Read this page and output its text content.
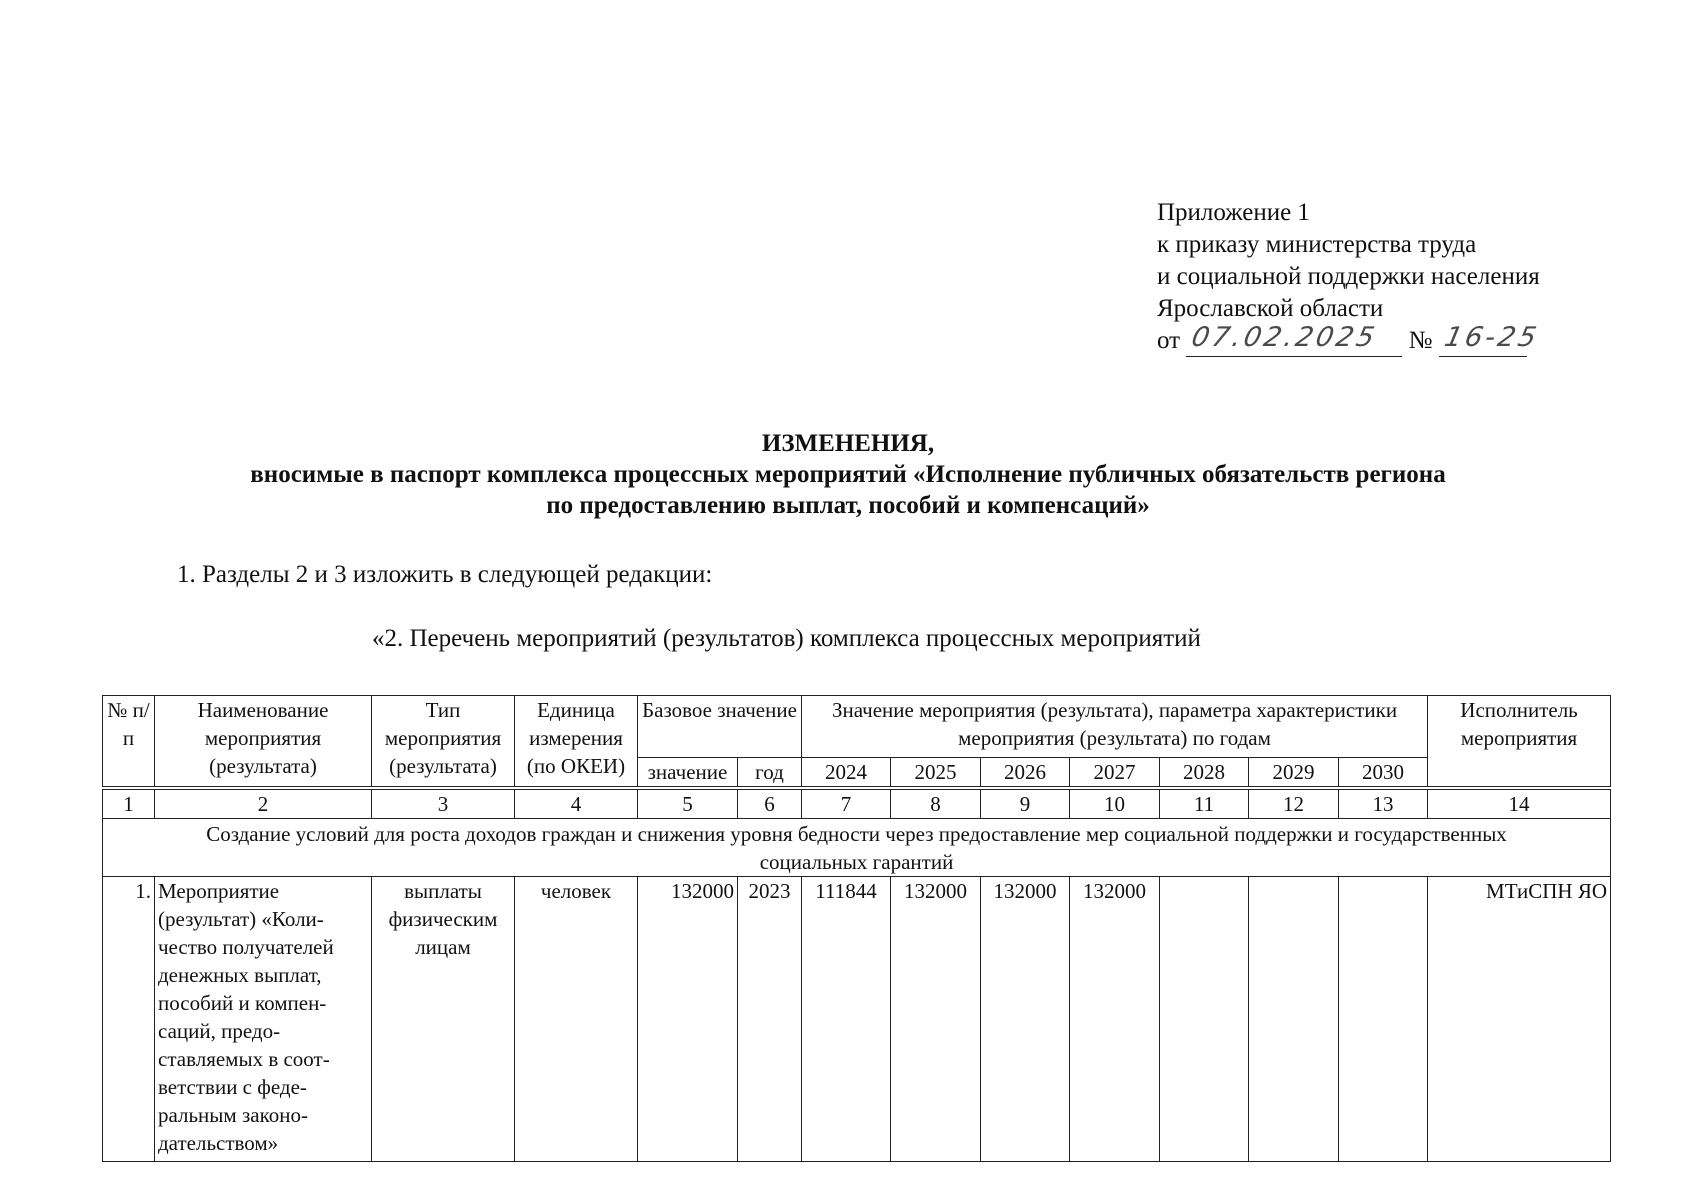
Приложение 1
к приказу министерства труда
и социальной поддержки населения
Ярославской области
от 07.02.2025 № 16-25
ИЗМЕНЕНИЯ,
вносимые в паспорт комплекса процессных мероприятий «Исполнение публичных обязательств региона
по предоставлению выплат, пособий и компенсаций»
1. Разделы 2 и 3 изложить в следующей редакции:
«2. Перечень мероприятий (результатов) комплекса процессных мероприятий
№ п/п	Наименование мероприятия (результата)	Тип мероприятия (результата)	Единица измерения (по ОКЕИ)	Базовое значение		Значение мероприятия (результата), параметра характеристики мероприятия (результата) по годам							Исполнитель мероприятия
				значение	год	2024	2025	2026	2027	2028	2029	2030	
1	2	3	4	5	6	7	8	9	10	11	12	13	14
Создание условий для роста доходов граждан и снижения уровня бедности через предоставление мер социальной поддержки и государственных социальных гарантий													
1.	Мероприятие (результат) «Коли-чество получателей денежных выплат, пособий и компен-саций, предо-ставляемых в соот-ветствии с феде-ральным законо-дательством»	выплаты физическим лицам	человек	132000	2023	111844	132000	132000	132000				МТиСПН ЯО
